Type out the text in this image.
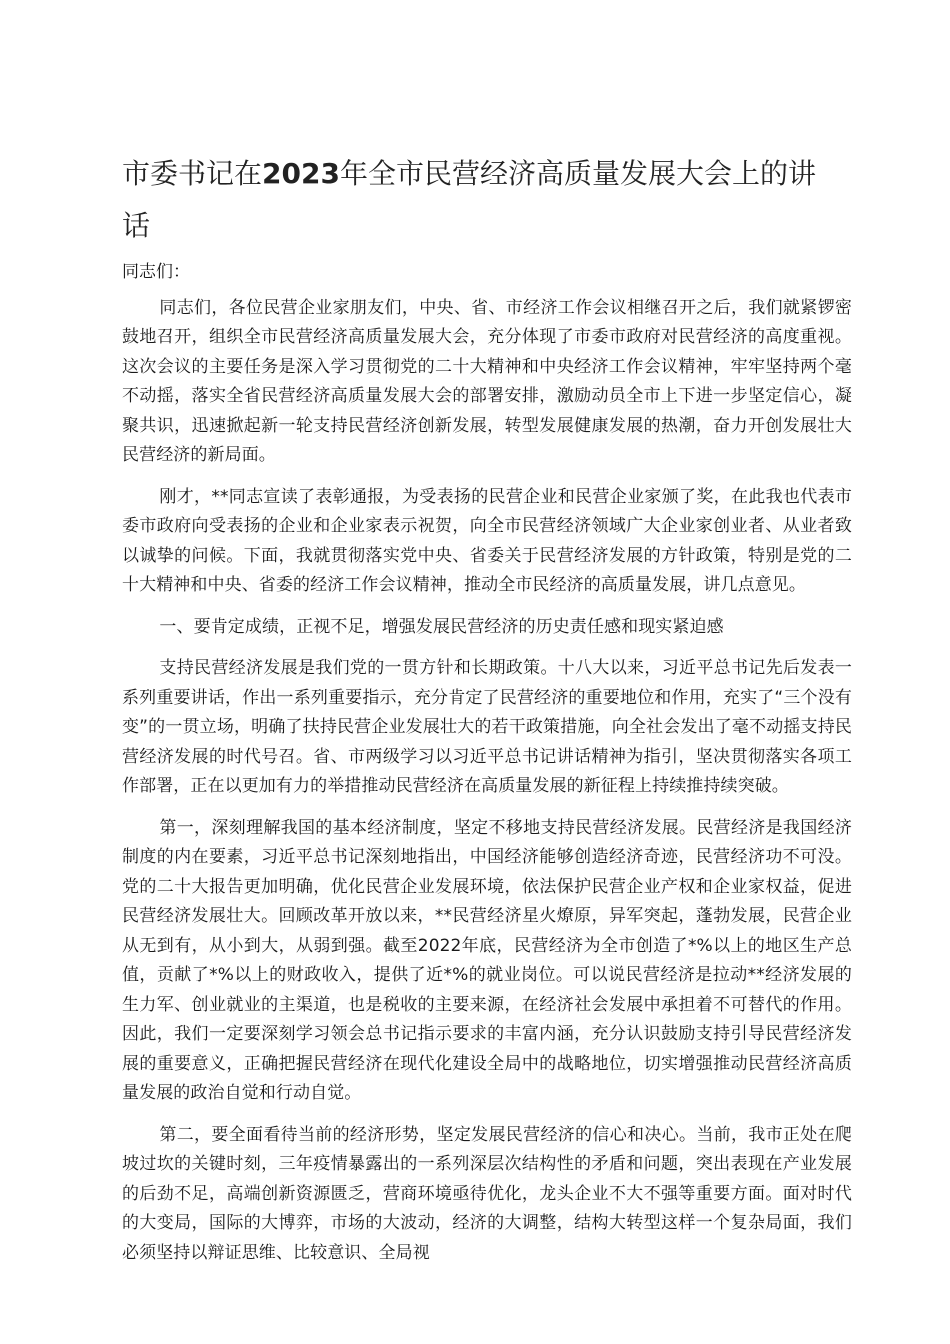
市委书记在2023年全市民营经济高质量发展大会上的讲话

同志们：

同志们，各位民营企业家朋友们，中央、省、市经济工作会议相继召开之后，我们就紧锣密鼓地召开，组织全市民营经济高质量发展大会，充分体现了市委市政府对民营经济的高度重视。这次会议的主要任务是深入学习贯彻党的二十大精神和中央经济工作会议精神，牢牢坚持两个毫不动摇，落实全省民营经济高质量发展大会的部署安排，激励动员全市上下进一步坚定信心，凝聚共识，迅速掀起新一轮支持民营经济创新发展，转型发展健康发展的热潮，奋力开创发展壮大民营经济的新局面。

刚才，**同志宣读了表彰通报，为受表扬的民营企业和民营企业家颁了奖，在此我也代表市委市政府向受表扬的企业和企业家表示祝贺，向全市民营经济领域广大企业家创业者、从业者致以诚挚的问候。下面，我就贯彻落实党中央、省委关于民营经济发展的方针政策，特别是党的二十大精神和中央、省委的经济工作会议精神，推动全市民经济的高质量发展，讲几点意见。

一、要肯定成绩，正视不足，增强发展民营经济的历史责任感和现实紧迫感

支持民营经济发展是我们党的一贯方针和长期政策。十八大以来，习近平总书记先后发表一系列重要讲话，作出一系列重要指示，充分肯定了民营经济的重要地位和作用，充实了“三个没有变”的一贯立场，明确了扶持民营企业发展壮大的若干政策措施，向全社会发出了毫不动摇支持民营经济发展的时代号召。省、市两级学习以习近平总书记讲话精神为指引，坚决贯彻落实各项工作部署，正在以更加有力的举措推动民营经济在高质量发展的新征程上持续推持续突破。

第一，深刻理解我国的基本经济制度，坚定不移地支持民营经济发展。民营经济是我国经济制度的内在要素，习近平总书记深刻地指出，中国经济能够创造经济奇迹，民营经济功不可没。党的二十大报告更加明确，优化民营企业发展环境，依法保护民营企业产权和企业家权益，促进民营经济发展壮大。回顾改革开放以来，**民营经济星火燎原，异军突起，蓬勃发展，民营企业从无到有，从小到大，从弱到强。截至2022年底，民营经济为全市创造了*%以上的地区生产总值，贡献了*%以上的财政收入，提供了近*%的就业岗位。可以说民营经济是拉动**经济发展的生力军、创业就业的主渠道，也是税收的主要来源，在经济社会发展中承担着不可替代的作用。因此，我们一定要深刻学习领会总书记指示要求的丰富内涵，充分认识鼓励支持引导民营经济发展的重要意义，正确把握民营经济在现代化建设全局中的战略地位，切实增强推动民营经济高质量发展的政治自觉和行动自觉。

第二，要全面看待当前的经济形势，坚定发展民营经济的信心和决心。当前，我市正处在爬坡过坎的关键时刻，三年疫情暴露出的一系列深层次结构性的矛盾和问题，突出表现在产业发展的后劲不足，高端创新资源匮乏，营商环境亟待优化，龙头企业不大不强等重要方面。面对时代的大变局，国际的大博弈，市场的大波动，经济的大调整，结构大转型这样一个复杂局面，我们必须坚持以辩证思维、比较意识、全局视
